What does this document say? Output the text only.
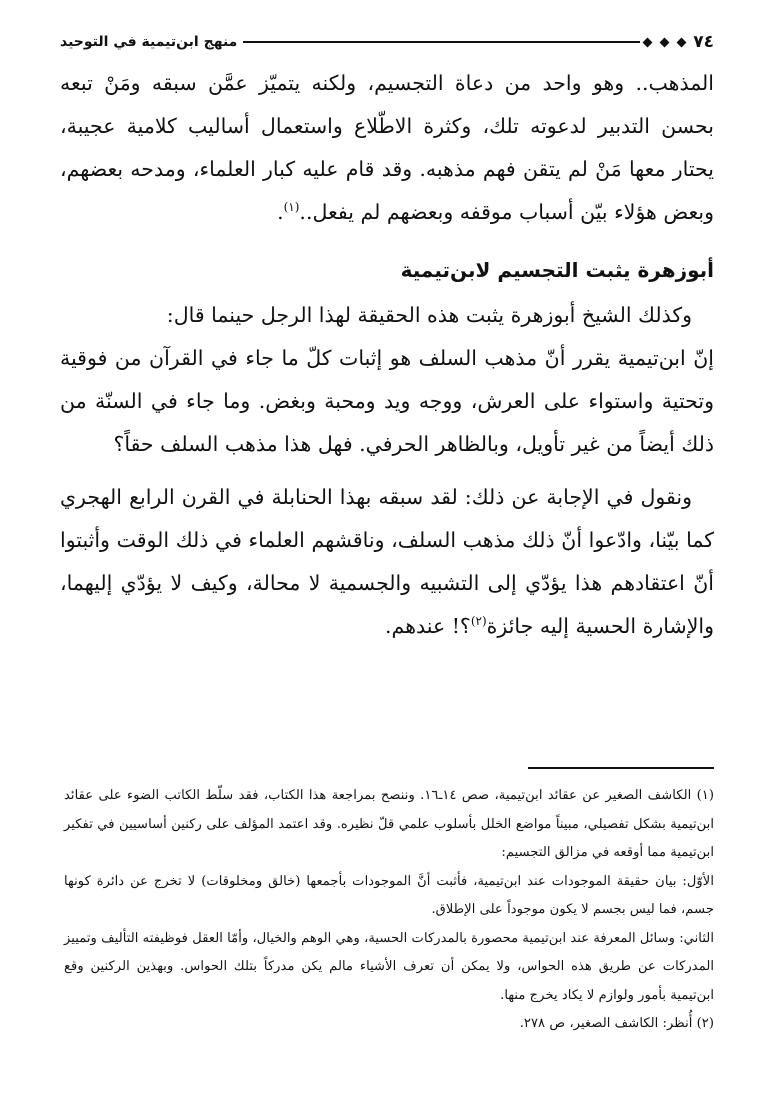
٧٤
منهج ابن‌تيمية في التوحيد

المذهب.. وهو واحد من دعاة التجسيم، ولكنه يتميّز عمَّن سبقه ومَنْ تبعه بحسن التدبير لدعوته تلك، وكثرة الاطّلاع واستعمال أساليب كلامية عجيبة، يحتار معها مَنْ لم يتقن فهم مذهبه. وقد قام عليه كبار العلماء، ومدحه بعضهم، وبعض هؤلاء بيّن أسباب موقفه وبعضهم لم يفعل..$^{(١)}$.

أبوزهرة يثبت التجسيم لابن‌تيمية

وكذلك الشيخ أبوزهرة يثبت هذه الحقيقة لهذا الرجل حينما قال:

إنّ ابن‌تيمية يقرر أنّ مذهب السلف هو إثبات كلّ ما جاء في القرآن من فوقية وتحتية واستواء على العرش، ووجه ويد ومحبة وبغض. وما جاء في السنّة من ذلك أيضاً من غير تأويل، وبالظاهر الحرفي. فهل هذا مذهب السلف حقاً؟

ونقول في الإجابة عن ذلك: لقد سبقه بهذا الحنابلة في القرن الرابع الهجري كما بيّنا، وادّعوا أنّ ذلك مذهب السلف، وناقشهم العلماء في ذلك الوقت وأثبتوا أنّ اعتقادهم هذا يؤدّي إلى التشبيه والجسمية لا محالة، وكيف لا يؤدّي إليهما، والإشارة الحسية إليه جائزة$^{(٢)}$؟! عندهم.

(١) الكاشف الصغير عن عقائد ابن‌تيمية، صص ١٤ـ١٦. وننصح بمراجعة هذا الكتاب، فقد سلّط الكاتب الضوء على عقائد ابن‌تيمية بشكل تفصيلي، مبيناً مواضع الخلل بأسلوب علمي قلّ نظيره. وقد اعتمد المؤلف على ركنين أساسيين في تفكير ابن‌تيمية مما أوقعه في مزالق التجسيم:

الأوّل: بيان حقيقة الموجودات عند ابن‌تيمية، فأثبت أنَّ الموجودات بأجمعها (خالق ومخلوقات) لا تخرج عن دائرة كونها جسم، فما ليس بجسم لا يكون موجوداً على الإطلاق.

الثاني: وسائل المعرفة عند ابن‌تيمية محصورة بالمدركات الحسية، وهي الوهم والخيال، وأمّا العقل فوظيفته التأليف وتمييز المدركات عن طريق هذه الحواس، ولا يمكن أن تعرف الأشياء مالم يكن مدركاً بتلك الحواس. وبهذين الركنين وقع ابن‌تيمية بأمور ولوازم لا يكاد يخرج منها.

(٢) أُنظر: الكاشف الصغير، ص ٢٧٨.
